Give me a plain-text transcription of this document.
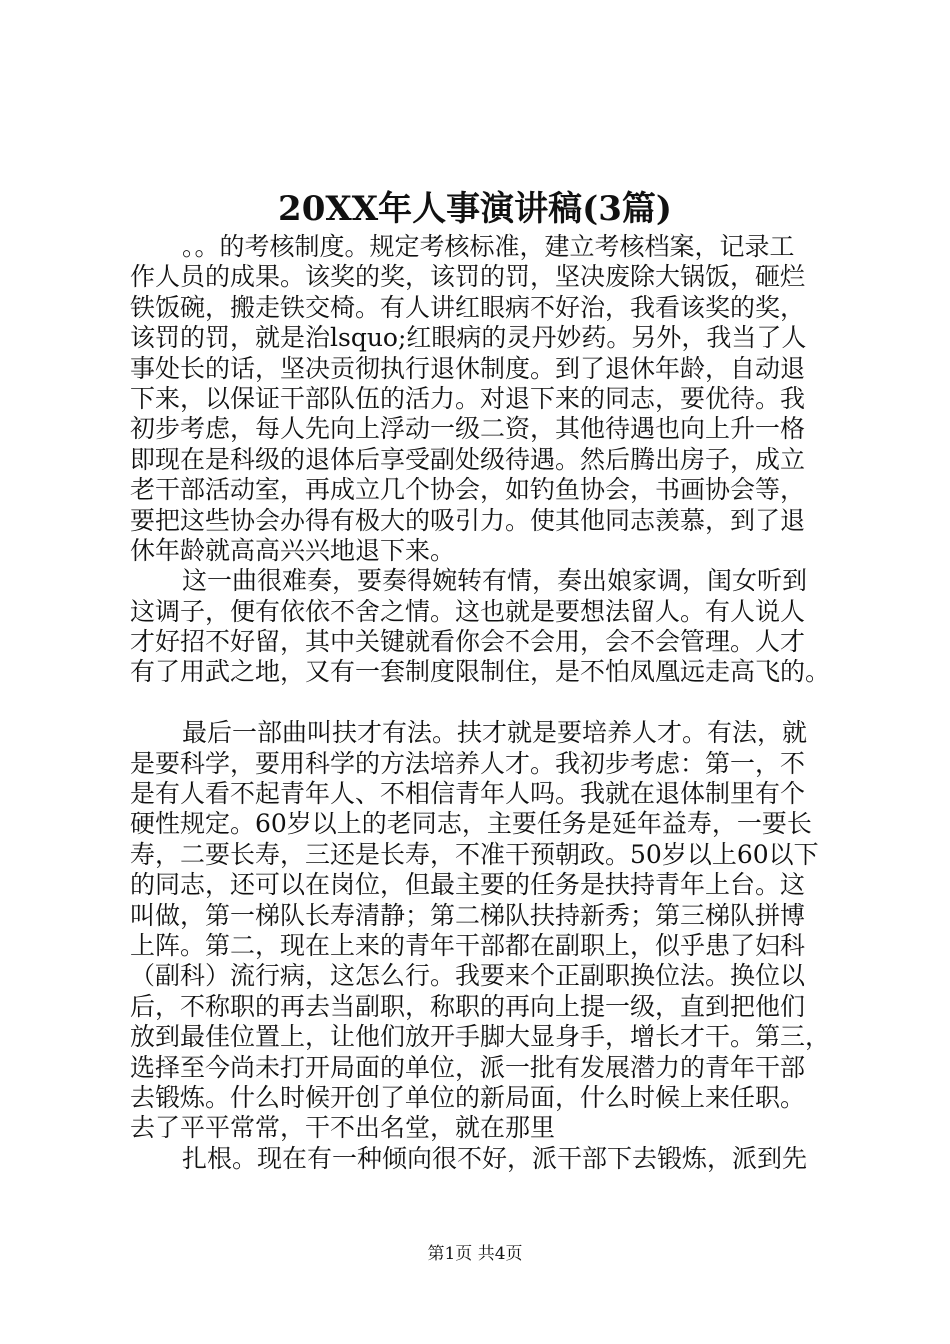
20XX年人事演讲稿(3篇)
。。的考核制度。规定考核标准，建立考核档案，记录工
作人员的成果。该奖的奖，该罚的罚，坚决废除大锅饭，砸烂
铁饭碗，搬走铁交椅。有人讲红眼病不好治，我看该奖的奖，
该罚的罚，就是治lsquo;红眼病的灵丹妙药。另外，我当了人
事处长的话，坚决贡彻执行退休制度。到了退休年龄，自动退
下来，以保证干部队伍的活力。对退下来的同志，要优待。我
初步考虑，每人先向上浮动一级二资，其他待遇也向上升一格
即现在是科级的退体后享受副处级待遇。然后腾出房子，成立
老干部活动室，再成立几个协会，如钓鱼协会，书画协会等，
要把这些协会办得有极大的吸引力。使其他同志羡慕，到了退
休年龄就高高兴兴地退下来。
这一曲很难奏，要奏得婉转有情，奏出娘家调，闺女听到
这调子，便有依依不舍之情。这也就是要想法留人。有人说人
才好招不好留，其中关键就看你会不会用，会不会管理。人才
有了用武之地，又有一套制度限制住，是不怕凤凰远走高飞的。
最后一部曲叫扶才有法。扶才就是要培养人才。有法，就
是要科学，要用科学的方法培养人才。我初步考虑：第一，不
是有人看不起青年人、不相信青年人吗。我就在退体制里有个
硬性规定。60岁以上的老同志，主要任务是延年益寿，一要长
寿，二要长寿，三还是长寿，不准干预朝政。50岁以上60以下
的同志，还可以在岗位，但最主要的任务是扶持青年上台。这
叫做，第一梯队长寿清静；第二梯队扶持新秀；第三梯队拼博
上阵。第二，现在上来的青年干部都在副职上，似乎患了妇科
（副科）流行病，这怎么行。我要来个正副职换位法。换位以
后，不称职的再去当副职，称职的再向上提一级，直到把他们
放到最佳位置上，让他们放开手脚大显身手，增长才干。第三，
选择至今尚未打开局面的单位，派一批有发展潜力的青年干部
去锻炼。什么时候开创了单位的新局面，什么时候上来任职。
去了平平常常，干不出名堂，就在那里
扎根。现在有一种倾向很不好，派干部下去锻炼，派到先
第1页 共4页
